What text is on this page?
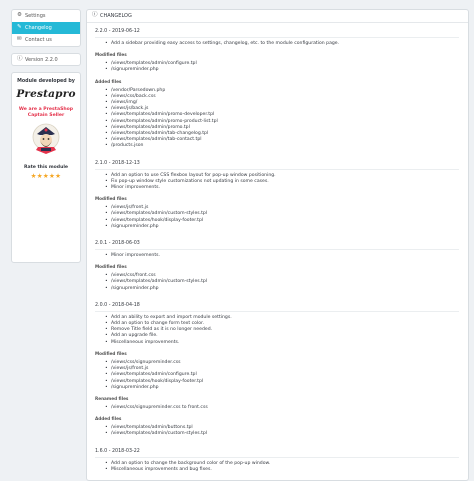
⚙ Settings
✎ Changelog
✉ Contact us
ⓘ Version 2.2.0
Module developed by
Prestapro
We are a PrestaShop Captain Seller
Rate this module
★★★★★
ⓘ CHANGELOG
2.2.0 - 2019-06-12
• Add a sidebar providing easy access to settings, changelog, etc. to the module configuration page.
Modified files
• /views/templates/admin/configure.tpl
• /signupreminder.php
Added files
• /vendor/Parsedown.php
• /views/css/back.css
• /views/img/
• /views/js/back.js
• /views/templates/admin/promo-developer.tpl
• /views/templates/admin/promo-product-list.tpl
• /views/templates/admin/promo.tpl
• /views/templates/admin/tab-changelog.tpl
• /views/templates/admin/tab-contact.tpl
• /products.json
2.1.0 - 2018-12-13
• Add an option to use CSS flexbox layout for pop-up window positioning.
• Fix pop-up window style customizations not updating in some cases.
• Minor improvements.
Modified files
• /views/js/front.js
• /views/templates/admin/custom-styles.tpl
• /views/templates/hook/display-footer.tpl
• /signupreminder.php
2.0.1 - 2018-06-03
• Minor improvements.
Modified files
• /views/css/front.css
• /views/templates/admin/custom-styles.tpl
• /signupreminder.php
2.0.0 - 2018-04-18
• Add an ability to export and import module settings.
• Add an option to change form text color.
• Remove Title field as it is no longer needed.
• Add an upgrade file.
• Miscellaneous improvements.
Modified files
• /views/css/signupreminder.css
• /views/js/front.js
• /views/templates/admin/configure.tpl
• /views/templates/hook/display-footer.tpl
• /signupreminder.php
Renamed files
• /views/css/signupreminder.css to front.css
Added files
• /views/templates/admin/buttons.tpl
• /views/templates/admin/custom-styles.tpl
1.6.0 - 2018-03-22
• Add an option to change the background color of the pop-up window.
• Miscellaneous improvements and bug fixes.
